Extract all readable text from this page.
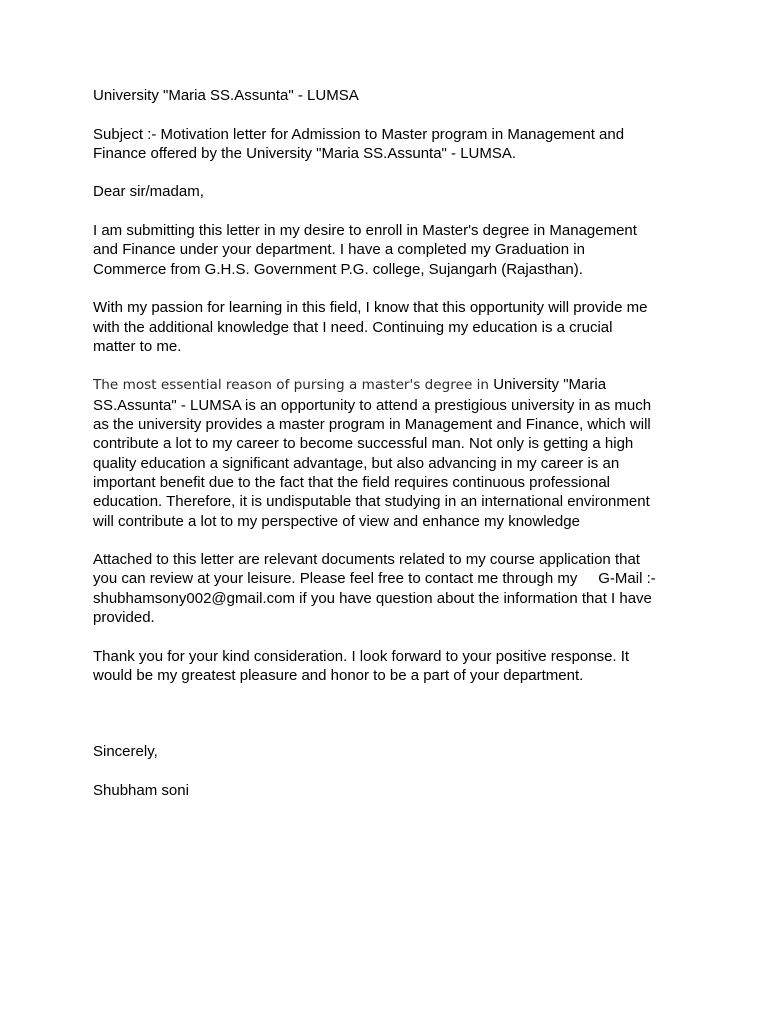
University "Maria SS.Assunta" - LUMSA

Subject :- Motivation letter for Admission to Master program in Management and
Finance offered by the University "Maria SS.Assunta" - LUMSA.

Dear sir/madam,

I am submitting this letter in my desire to enroll in Master's degree in Management
and Finance under your department. I have a completed my Graduation in
Commerce from G.H.S. Government P.G. college, Sujangarh (Rajasthan).

With my passion for learning in this field, I know that this opportunity will provide me
with the additional knowledge that I need. Continuing my education is a crucial
matter to me.

The most essential reason of pursing a master's degree in University "Maria
SS.Assunta" - LUMSA is an opportunity to attend a prestigious university in as much
as the university provides a master program in Management and Finance, which will
contribute a lot to my career to become successful man. Not only is getting a high
quality education a significant advantage, but also advancing in my career is an
important benefit due to the fact that the field requires continuous professional
education. Therefore, it is undisputable that studying in an international environment
will contribute a lot to my perspective of view and enhance my knowledge

Attached to this letter are relevant documents related to my course application that
you can review at your leisure. Please feel free to contact me through my     G-Mail :-
shubhamsony002@gmail.com if you have question about the information that I have
provided.

Thank you for your kind consideration. I look forward to your positive response. It
would be my greatest pleasure and honor to be a part of your department.

Sincerely,

Shubham soni
